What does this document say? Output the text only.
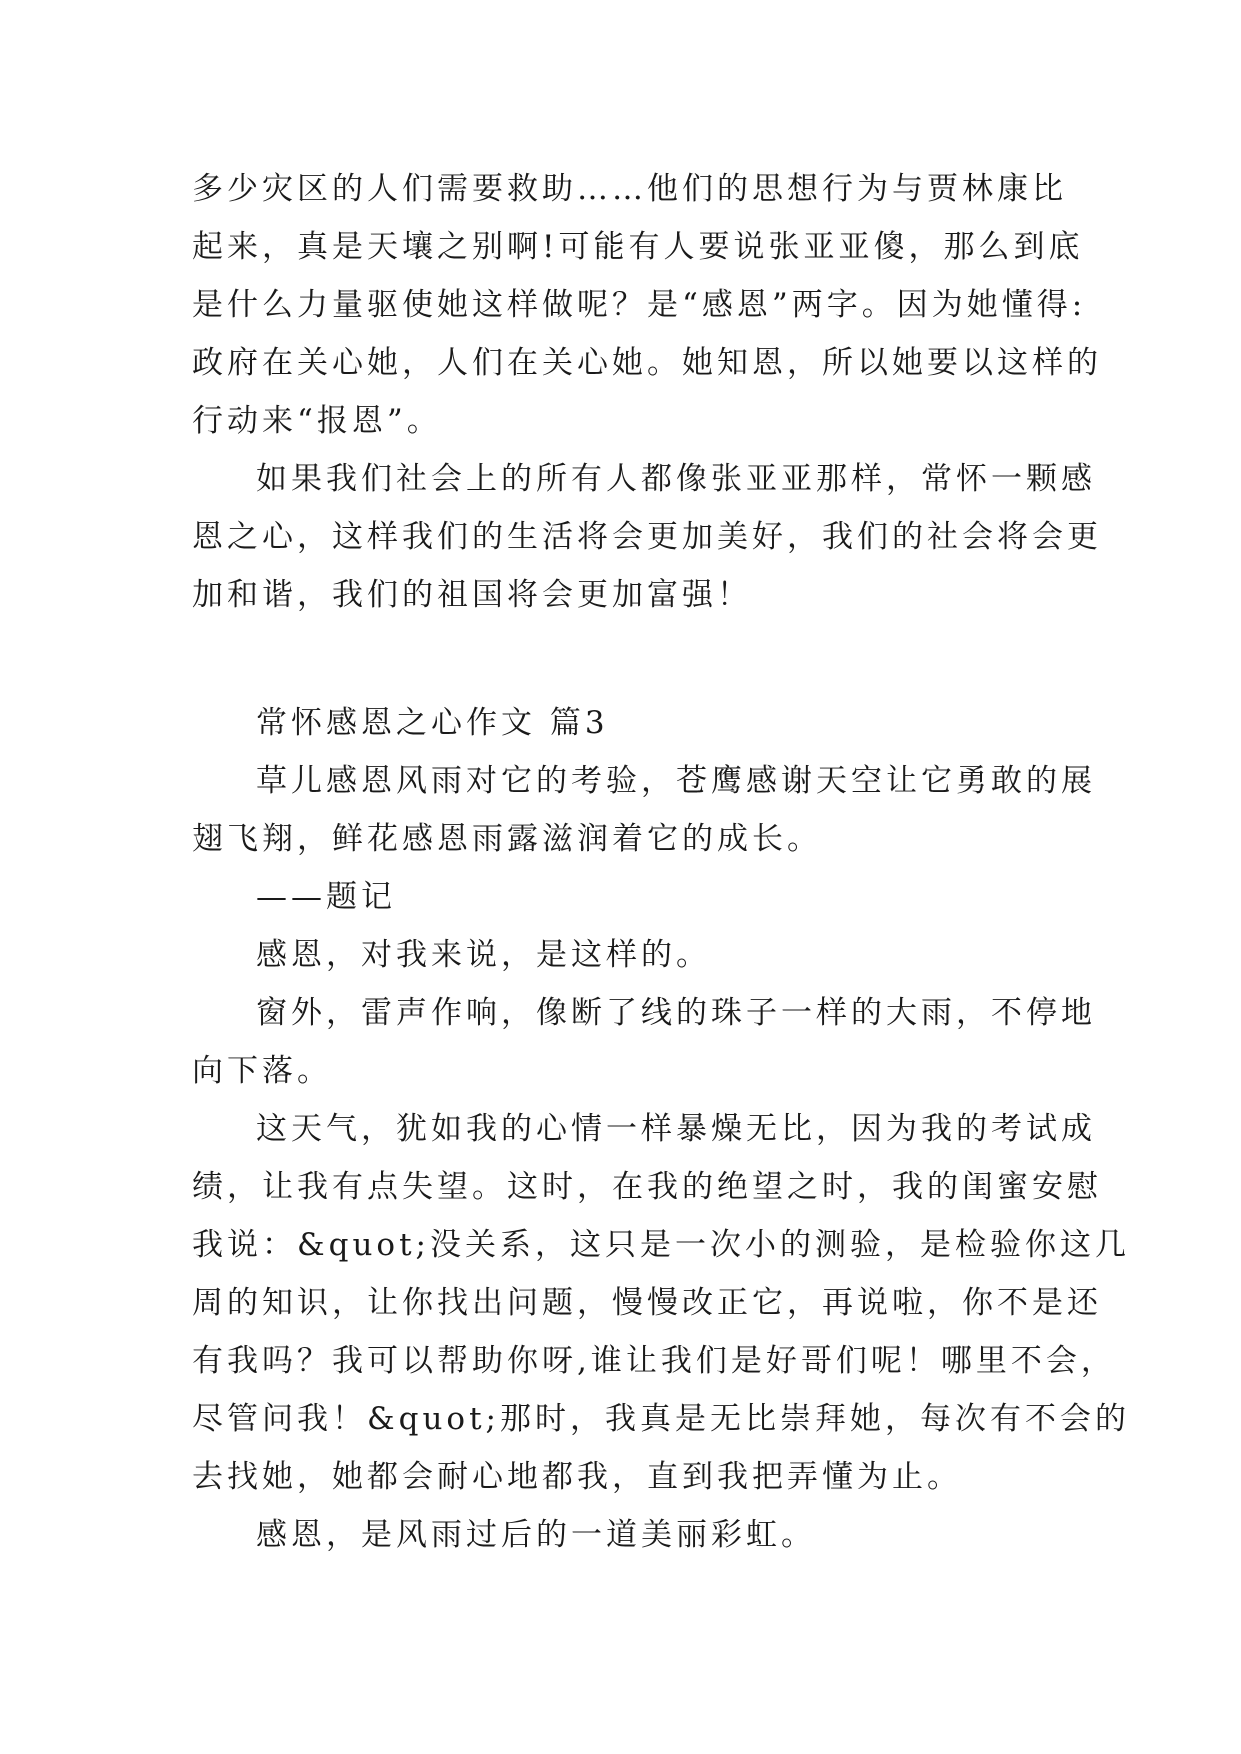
多少灾区的人们需要救助……他们的思想行为与贾林康比
起来，真是天壤之别啊!可能有人要说张亚亚傻，那么到底
是什么力量驱使她这样做呢？是“感恩”两字。因为她懂得:
政府在关心她，人们在关心她。她知恩，所以她要以这样的
行动来“报恩”。
如果我们社会上的所有人都像张亚亚那样，常怀一颗感
恩之心，这样我们的生活将会更加美好，我们的社会将会更
加和谐，我们的祖国将会更加富强！
常怀感恩之心作文 篇3
草儿感恩风雨对它的考验，苍鹰感谢天空让它勇敢的展
翅飞翔，鲜花感恩雨露滋润着它的成长。
——题记
感恩，对我来说，是这样的。
窗外，雷声作响，像断了线的珠子一样的大雨，不停地
向下落。
这天气，犹如我的心情一样暴燥无比，因为我的考试成
绩，让我有点失望。这时，在我的绝望之时，我的闺蜜安慰
我说：&quot;没关系，这只是一次小的测验，是检验你这几
周的知识，让你找出问题，慢慢改正它，再说啦，你不是还
有我吗？我可以帮助你呀,谁让我们是好哥们呢！哪里不会，
尽管问我！&quot;那时，我真是无比崇拜她，每次有不会的
去找她，她都会耐心地都我，直到我把弄懂为止。
感恩，是风雨过后的一道美丽彩虹。
